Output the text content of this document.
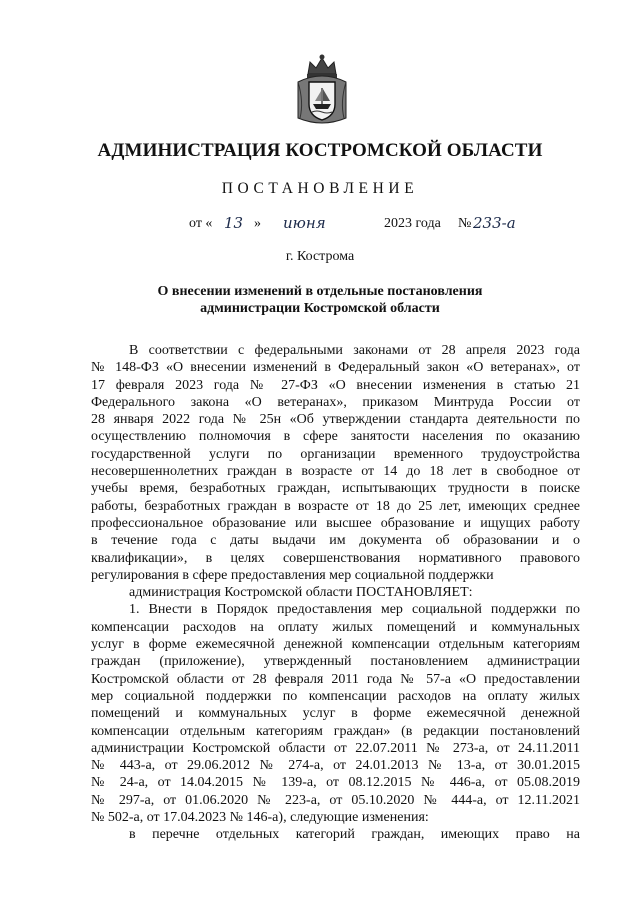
АДМИНИСТРАЦИЯ КОСТРОМСКОЙ ОБЛАСТИ
ПОСТАНОВЛЕНИЕ
от « 13 » июня	2023 года № 233-а
г. Кострома
О внесении изменений в отдельные постановления
администрации Костромской области
В соответствии с федеральными законами от 28 апреля 2023 года
№ 148-ФЗ «О внесении изменений в Федеральный закон «О ветеранах», от
17 февраля 2023 года № 27-ФЗ «О внесении изменения в статью 21
Федерального закона «О ветеранах», приказом Минтруда России от
28 января 2022 года № 25н «Об утверждении стандарта деятельности по
осуществлению полномочия в сфере занятости населения по оказанию
государственной услуги по организации временного трудоустройства
несовершеннолетних граждан в возрасте от 14 до 18 лет в свободное от
учебы время, безработных граждан, испытывающих трудности в поиске
работы, безработных граждан в возрасте от 18 до 25 лет, имеющих среднее
профессиональное образование или высшее образование и ищущих работу
в течение года с даты выдачи им документа об образовании и о
квалификации», в целях совершенствования нормативного правового
регулирования в сфере предоставления мер социальной поддержки
администрация Костромской области ПОСТАНОВЛЯЕТ:
1. Внести в Порядок предоставления мер социальной поддержки по
компенсации расходов на оплату жилых помещений и коммунальных
услуг в форме ежемесячной денежной компенсации отдельным категориям
граждан (приложение), утвержденный постановлением администрации
Костромской области от 28 февраля 2011 года № 57-а «О предоставлении
мер социальной поддержки по компенсации расходов на оплату жилых
помещений и коммунальных услуг в форме ежемесячной денежной
компенсации отдельным категориям граждан» (в редакции постановлений
администрации Костромской области от 22.07.2011 № 273-а, от 24.11.2011
№ 443-а, от 29.06.2012 № 274-а, от 24.01.2013 № 13-а, от 30.01.2015
№ 24-а, от 14.04.2015 № 139-а, от 08.12.2015 № 446-а, от 05.08.2019
№ 297-а, от 01.06.2020 № 223-а, от 05.10.2020 № 444-а, от 12.11.2021
№ 502-а, от 17.04.2023 № 146-а), следующие изменения:
в перечне отдельных категорий граждан, имеющих право на
